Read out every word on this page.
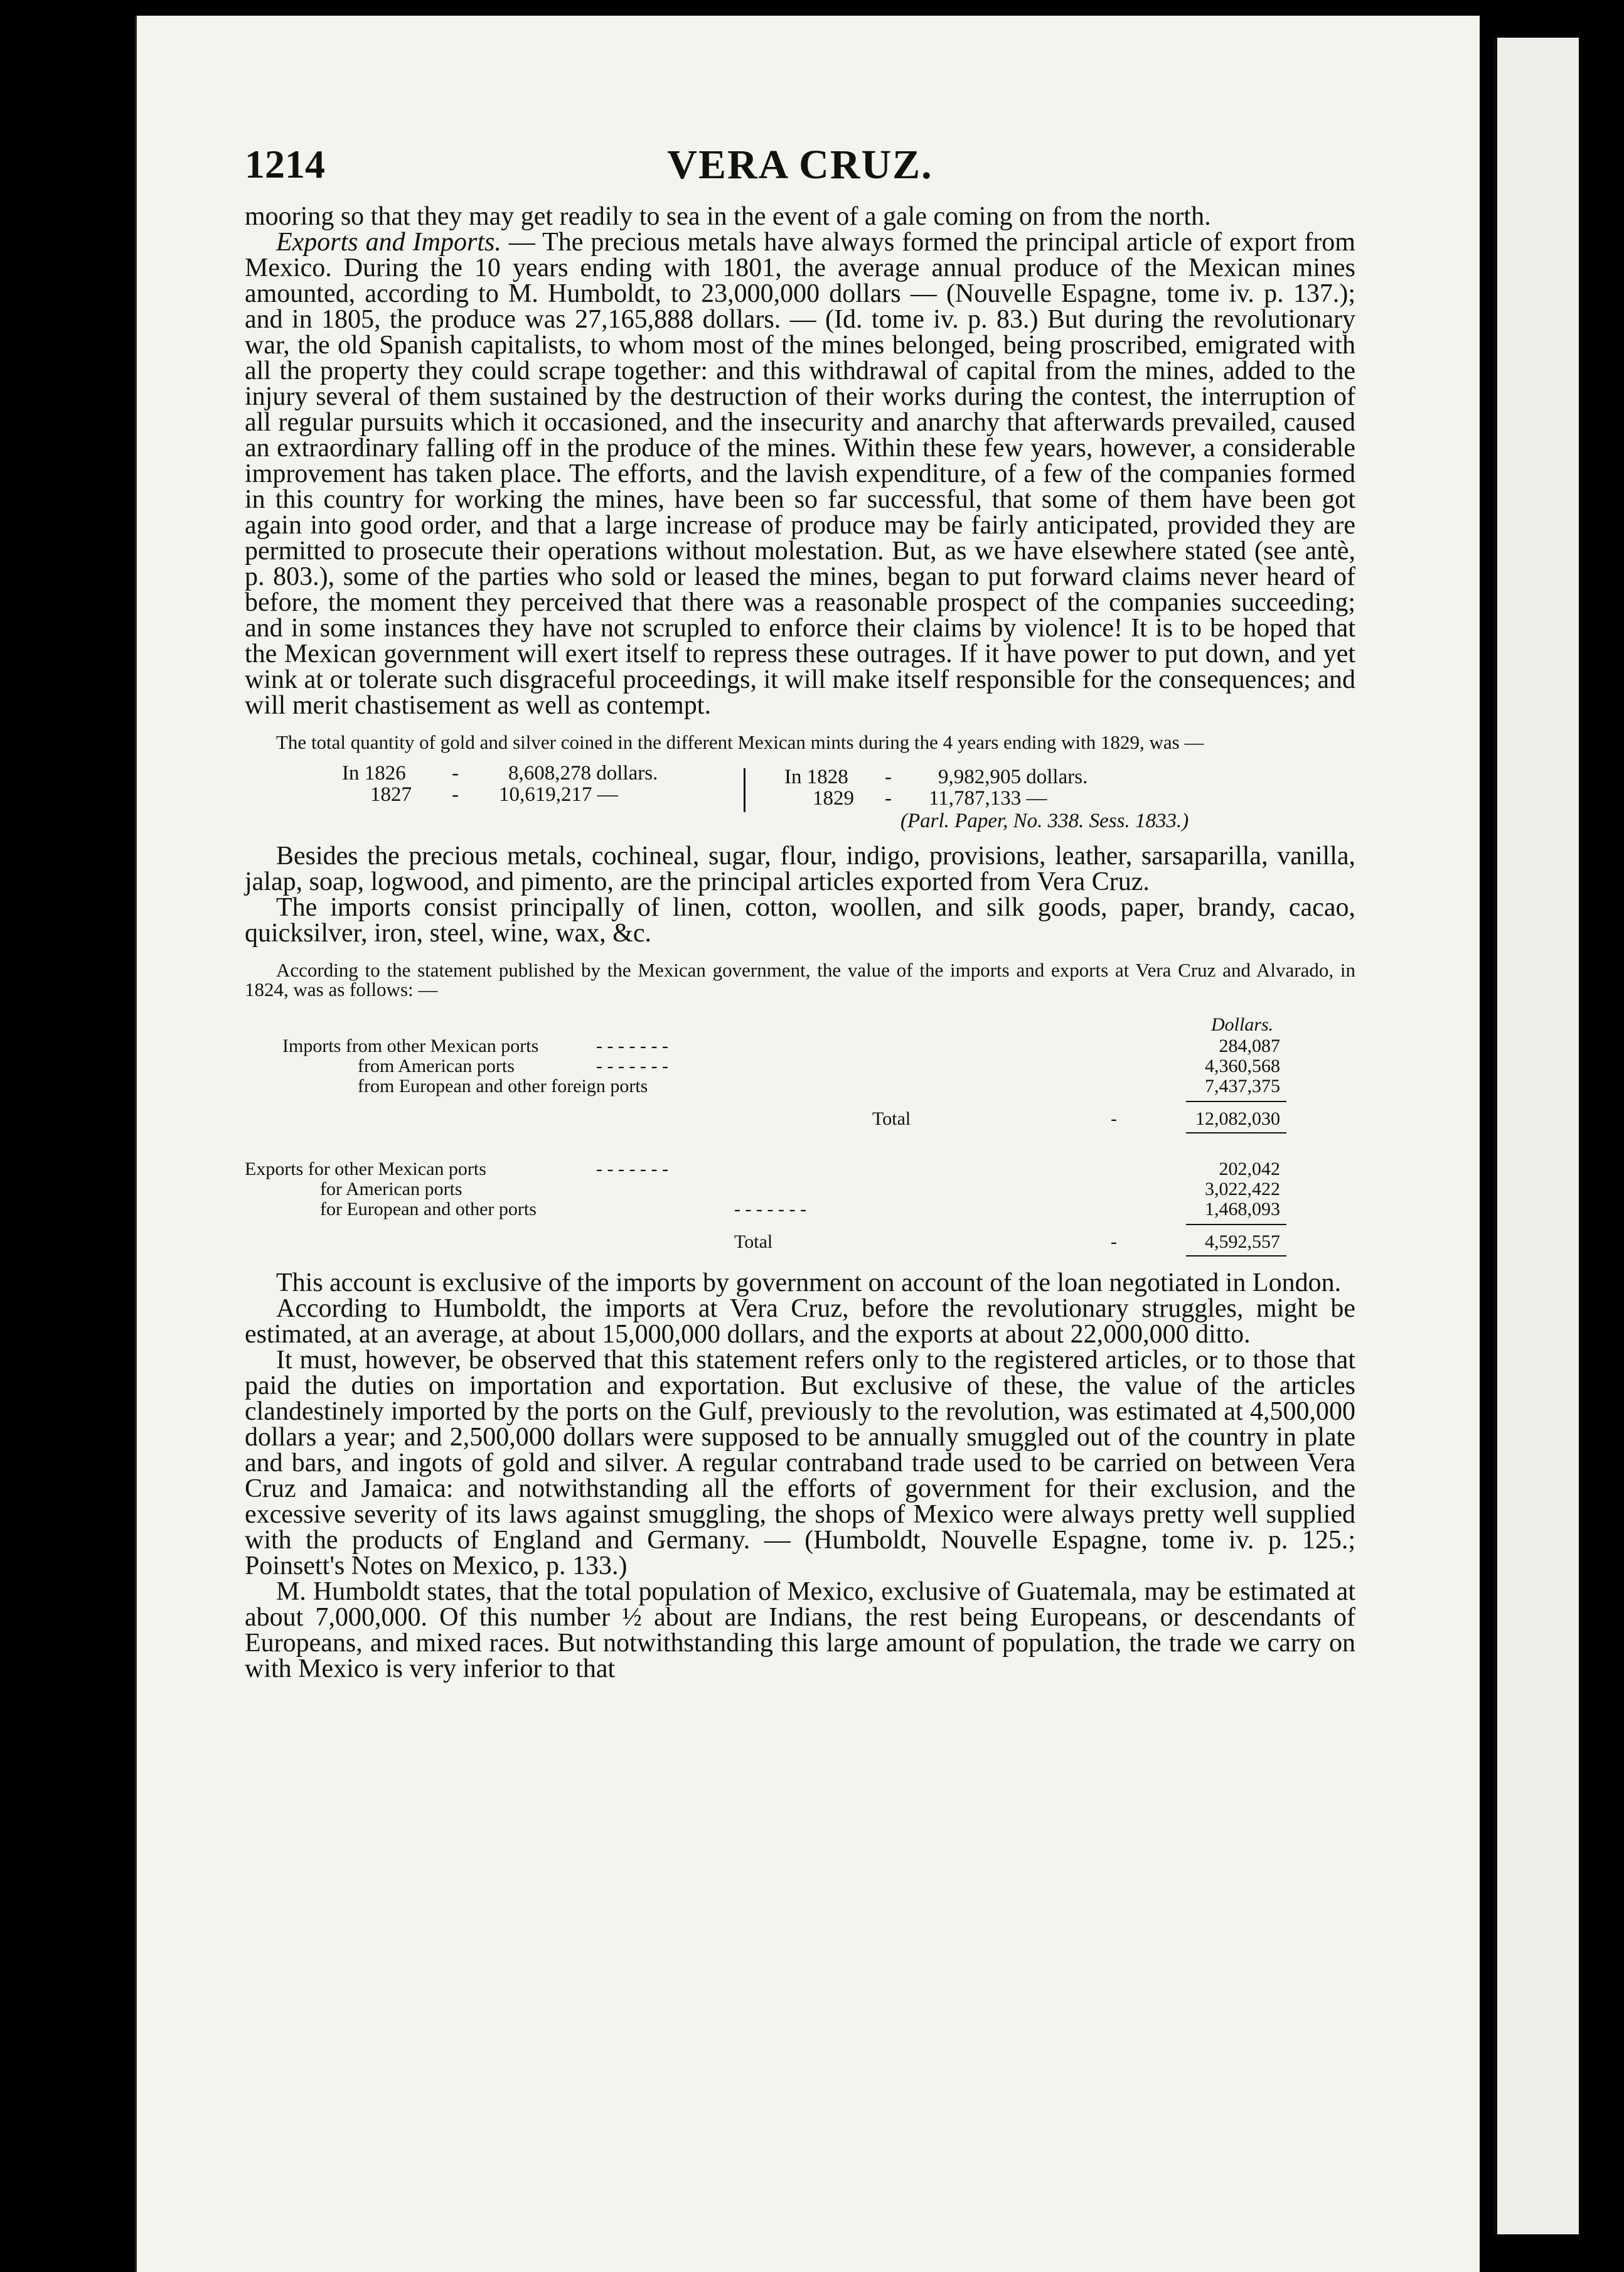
1214	VERA CRUZ.

mooring so that they may get readily to sea in the event of a gale coming on from the north.

Exports and Imports. — The precious metals have always formed the principal article of export from Mexico. During the 10 years ending with 1801, the average annual produce of the Mexican mines amounted, according to M. Humboldt, to 23,000,000 dollars — (Nouvelle Espagne, tome iv. p. 137.); and in 1805, the produce was 27,165,888 dollars. — (Id. tome iv. p. 83.) But during the revolutionary war, the old Spanish capitalists, to whom most of the mines belonged, being proscribed, emigrated with all the property they could scrape together: and this withdrawal of capital from the mines, added to the injury several of them sustained by the destruction of their works during the contest, the interruption of all regular pursuits which it occasioned, and the insecurity and anarchy that afterwards prevailed, caused an extraordinary falling off in the produce of the mines. Within these few years, however, a considerable improvement has taken place. The efforts, and the lavish expenditure, of a few of the companies formed in this country for working the mines, have been so far successful, that some of them have been got again into good order, and that a large increase of produce may be fairly anticipated, provided they are permitted to prosecute their operations without molestation. But, as we have elsewhere stated (see antè, p. 803.), some of the parties who sold or leased the mines, began to put forward claims never heard of before, the moment they perceived that there was a reasonable prospect of the companies succeeding; and in some instances they have not scrupled to enforce their claims by violence! It is to be hoped that the Mexican government will exert itself to repress these outrages. If it have power to put down, and yet wink at or tolerate such disgraceful proceedings, it will make itself responsible for the consequences; and will merit chastisement as well as contempt.

The total quantity of gold and silver coined in the different Mexican mints during the 4 years ending with 1829, was —

In 1826 - 8,608,278 dollars.
1827 - 10,619,217 —
In 1828 - 9,982,905 dollars.
1829 - 11,787,133 —
(Parl. Paper, No. 338. Sess. 1833.)

Besides the precious metals, cochineal, sugar, flour, indigo, provisions, leather, sarsaparilla, vanilla, jalap, soap, logwood, and pimento, are the principal articles exported from Vera Cruz.

The imports consist principally of linen, cotton, woollen, and silk goods, paper, brandy, cacao, quicksilver, iron, steel, wine, wax, &c.

According to the statement published by the Mexican government, the value of the imports and exports at Vera Cruz and Alvarado, in 1824, was as follows: —

Dollars.
Imports from other Mexican ports	- - - - - - -	284,087
from American ports	- - - - - - -	4,360,568
from European and other foreign ports	7,437,375
Total	-	12,082,030
Exports for other Mexican ports	- - - - - - -	202,042
for American ports	3,022,422
for European and other ports	- - - - - - -	1,468,093
Total	-	4,592,557

This account is exclusive of the imports by government on account of the loan negotiated in London.

According to Humboldt, the imports at Vera Cruz, before the revolutionary struggles, might be estimated, at an average, at about 15,000,000 dollars, and the exports at about 22,000,000 ditto.

It must, however, be observed that this statement refers only to the registered articles, or to those that paid the duties on importation and exportation. But exclusive of these, the value of the articles clandestinely imported by the ports on the Gulf, previously to the revolution, was estimated at 4,500,000 dollars a year; and 2,500,000 dollars were supposed to be annually smuggled out of the country in plate and bars, and ingots of gold and silver. A regular contraband trade used to be carried on between Vera Cruz and Jamaica: and notwithstanding all the efforts of government for their exclusion, and the excessive severity of its laws against smuggling, the shops of Mexico were always pretty well supplied with the products of England and Germany. — (Humboldt, Nouvelle Espagne, tome iv. p. 125.; Poinsett's Notes on Mexico, p. 133.)

M. Humboldt states, that the total population of Mexico, exclusive of Guatemala, may be estimated at about 7,000,000. Of this number ½ about are Indians, the rest being Europeans, or descendants of Europeans, and mixed races. But notwithstanding this large amount of population, the trade we carry on with Mexico is very inferior to that
